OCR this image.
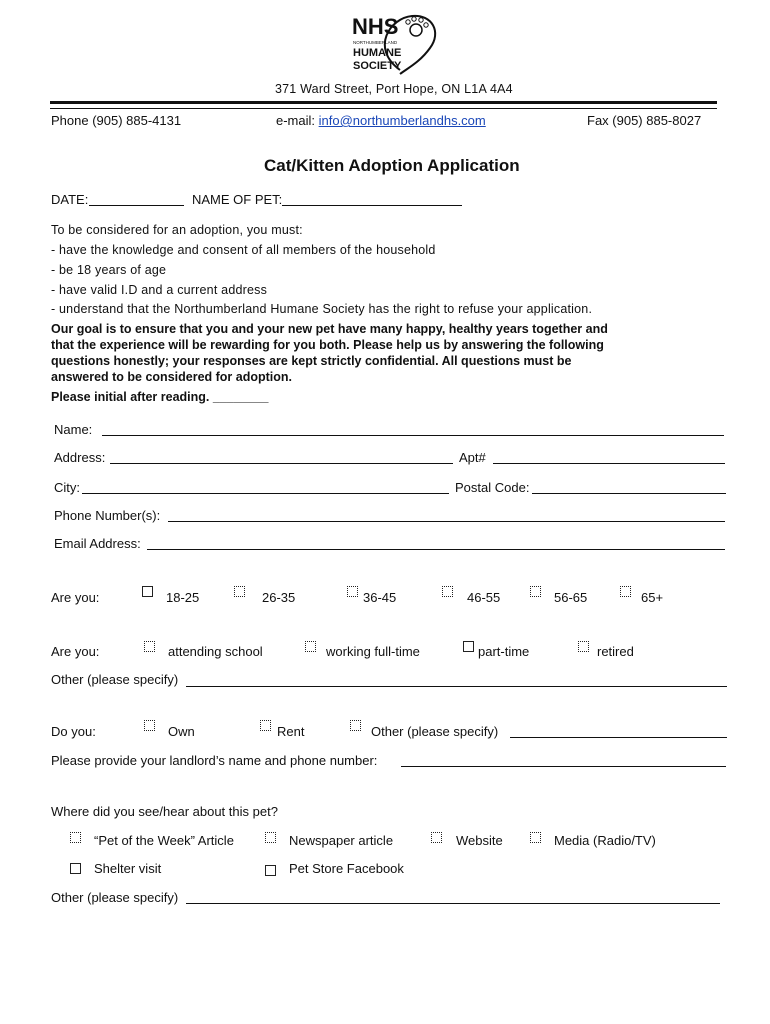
NHS
NORTHUMBERLAND
HUMANE
SOCIETY
371 Ward Street, Port Hope, ON L1A 4A4
Phone (905) 885-4131	e-mail: info@northumberlandhs.com	Fax (905) 885-8027
Cat/Kitten Adoption Application
DATE:	NAME OF PET:
To be considered for an adoption, you must:
- have the knowledge and consent of all members of the household
- be 18 years of age
- have valid I.D and a current address
- understand that the Northumberland Humane Society has the right to refuse your application.
Our goal is to ensure that you and your new pet have many happy, healthy years together and
that the experience will be rewarding for you both. Please help us by answering the following
questions honestly; your responses are kept strictly confidential. All questions must be
answered to be considered for adoption.
Please initial after reading. ________
Name:
Address:	Apt#
City:	Postal Code:
Phone Number(s):
Email Address:
Are you:	18-25	26-35	36-45	46-55	56-65	65+
Are you:	attending school	working full-time	part-time	retired
Other (please specify)
Do you:	Own	Rent	Other (please specify)
Please provide your landlord’s name and phone number:
Where did you see/hear about this pet?
“Pet of the Week” Article	Newspaper article	Website	Media (Radio/TV)
Shelter visit	Pet Store Facebook
Other (please specify)
